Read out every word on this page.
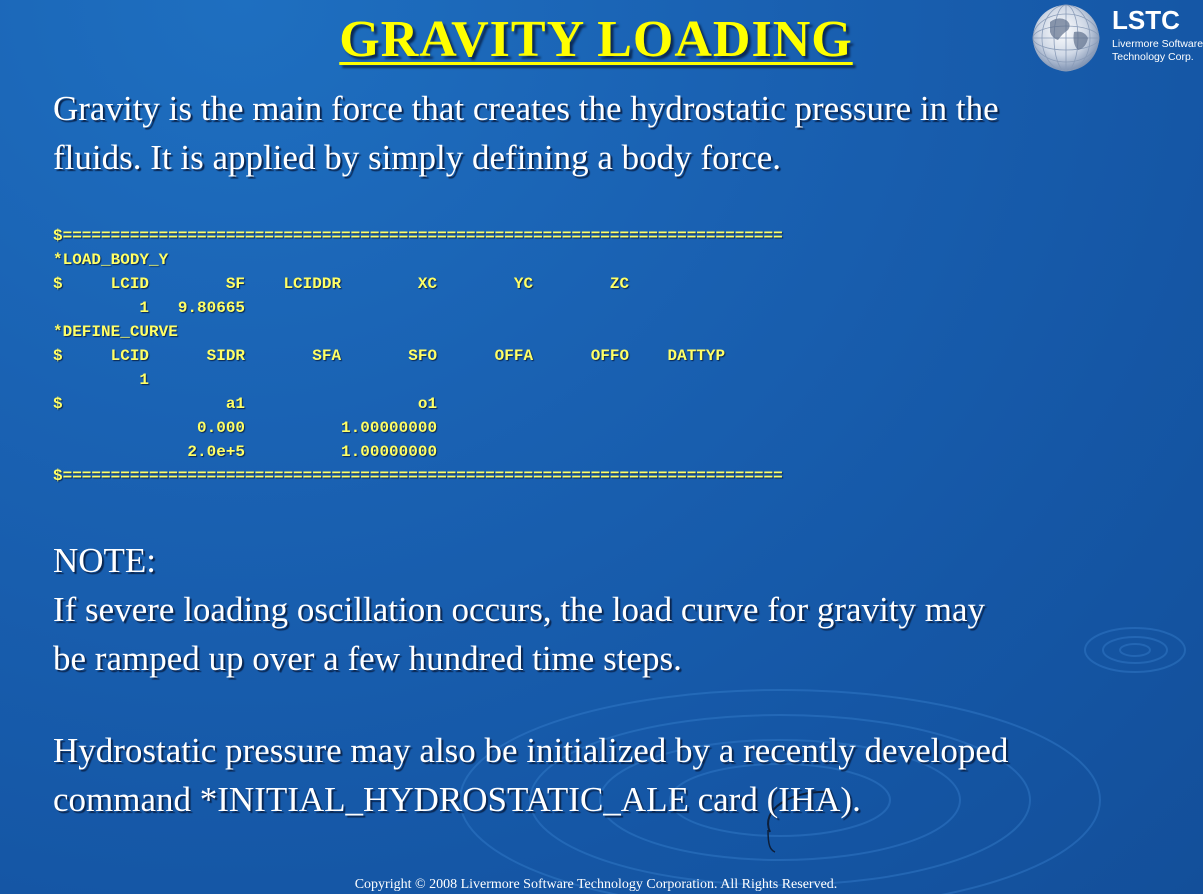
LSTC
Livermore Software
Technology Corp.
GRAVITY LOADING
Gravity is the main force that creates the hydrostatic pressure in the
fluids. It is applied by simply defining a body force.
$===========================================================================
*LOAD_BODY_Y
$     LCID        SF    LCIDDR        XC        YC        ZC
1   9.80665
*DEFINE_CURVE
$     LCID      SIDR       SFA       SFO      OFFA      OFFO    DATTYP
1
$                 a1                  o1
0.000          1.00000000
2.0e+5          1.00000000
$===========================================================================
NOTE:
If severe loading oscillation occurs, the load curve for gravity may
be ramped up over a few hundred time steps.
Hydrostatic pressure may also be initialized by a recently developed
command *INITIAL_HYDROSTATIC_ALE card (IHA).
Copyright © 2008 Livermore Software Technology Corporation. All Rights Reserved.
